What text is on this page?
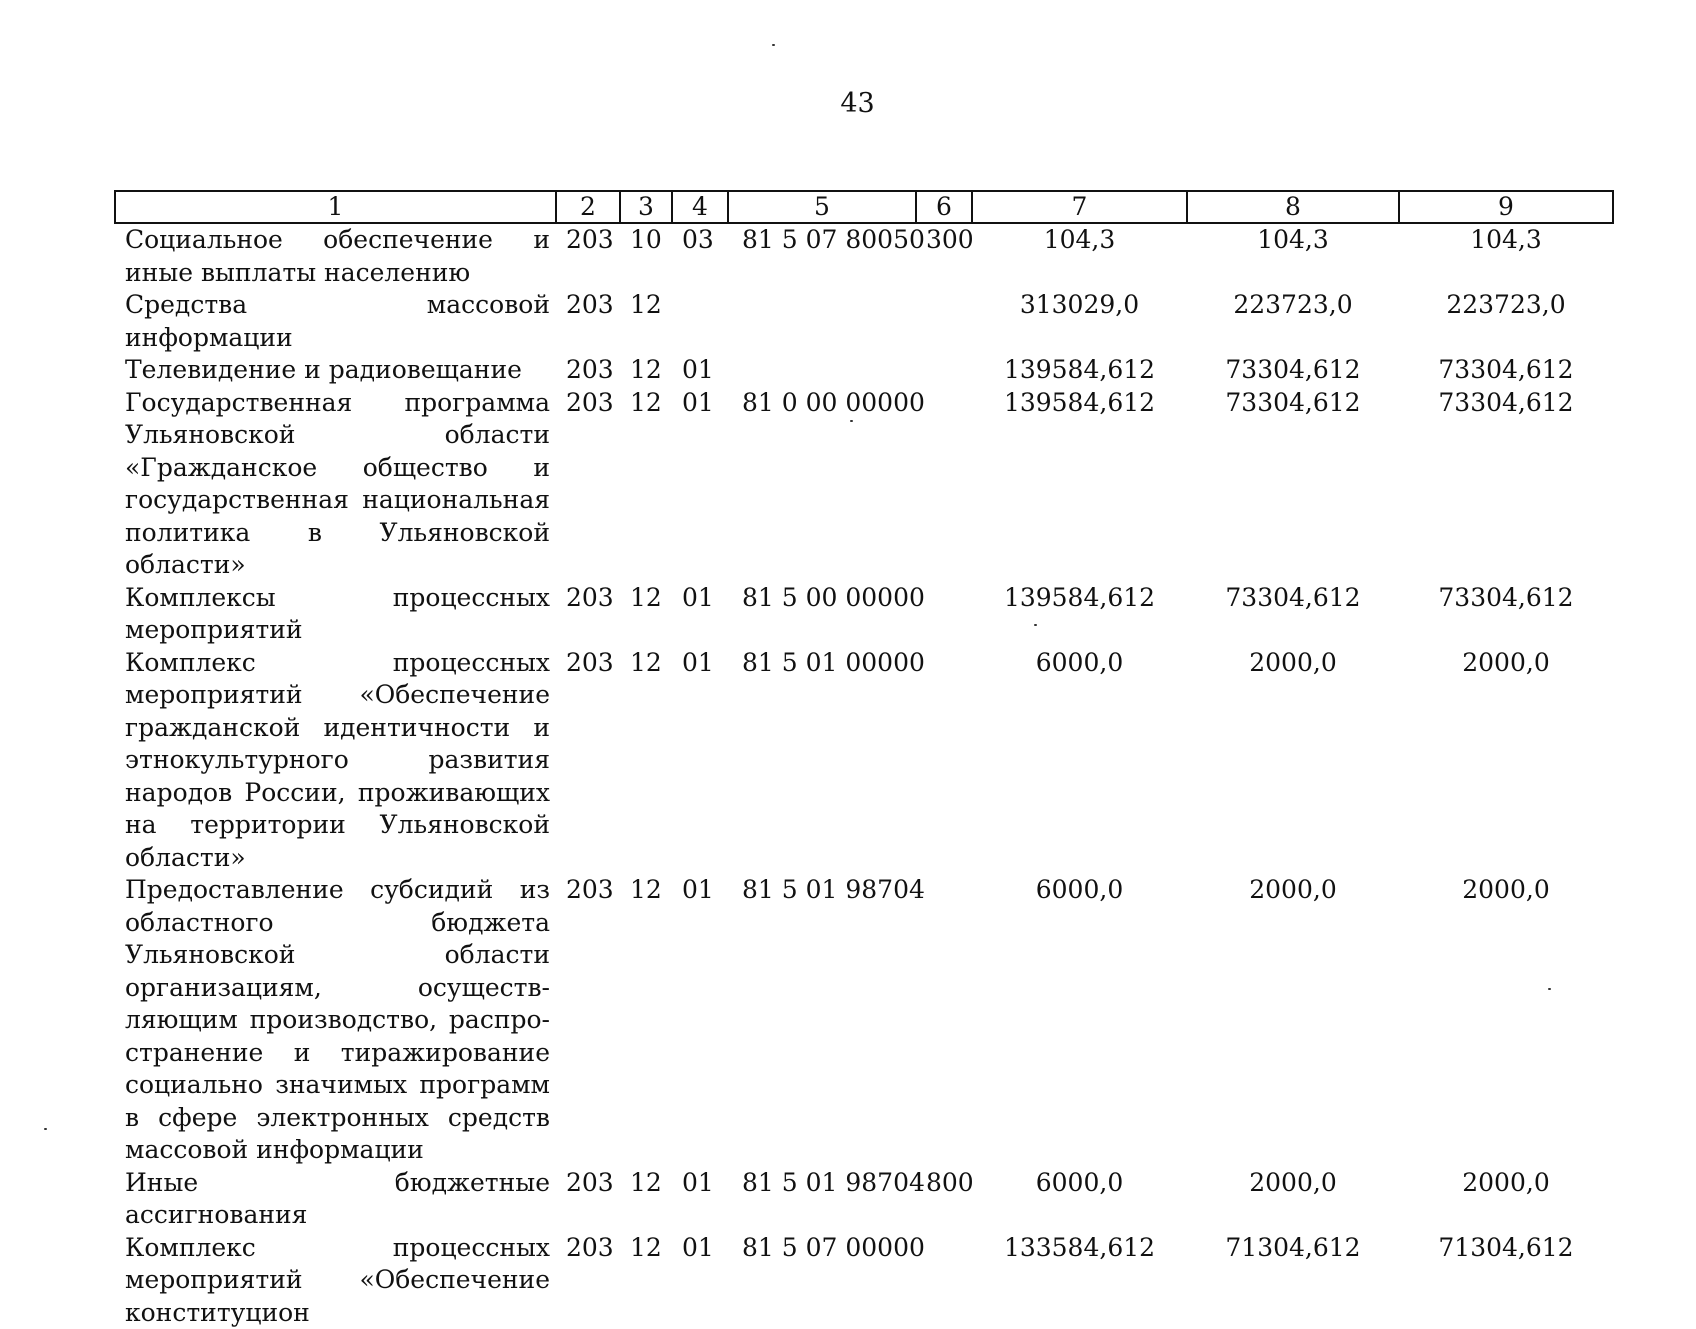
43
1	2	3	4	5	6	7	8	9
Социальное обеспечение и иные выплаты населению	203	10	03	81 5 07 80050	300	104,3	104,3	104,3
Средства массовой информации	203	12				313029,0	223723,0	223723,0
Телевидение и радиовещание	203	12	01			139584,612	73304,612	73304,612
Государственная программа Ульяновской области «Гражданское общество и государственная национальная политика в Ульяновской области»	203	12	01	81 0 00 00000		139584,612	73304,612	73304,612
Комплексы процессных мероприятий	203	12	01	81 5 00 00000		139584,612	73304,612	73304,612
Комплекс процессных мероприятий «Обеспечение гражданской идентичности и этнокультурного развития народов России, проживающих на территории Ульяновской области»	203	12	01	81 5 01 00000		6000,0	2000,0	2000,0
Предоставление субсидий из областного бюджета Ульяновской области организациям, осуществляющим производство, распространение и тиражирование социально значимых программ в сфере электронных средств массовой информации	203	12	01	81 5 01 98704		6000,0	2000,0	2000,0
Иные бюджетные ассигнования	203	12	01	81 5 01 98704	800	6000,0	2000,0	2000,0
Комплекс процессных мероприятий «Обеспечение конституцион	203	12	01	81 5 07 00000		133584,612	71304,612	71304,612
